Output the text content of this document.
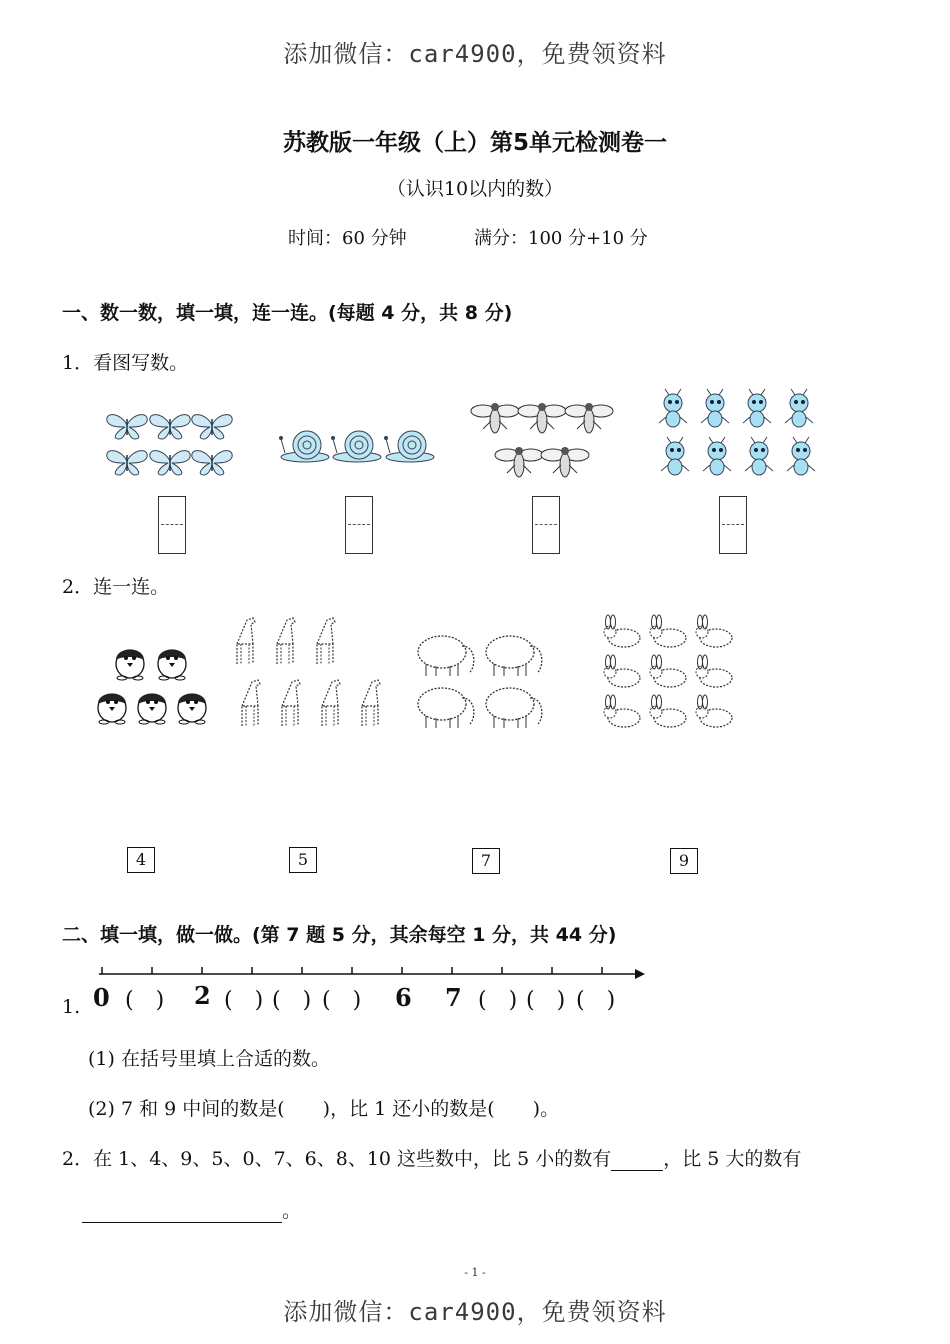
添加微信：car4900，免费领资料
苏教版一年级（上）第5单元检测卷一
（认识10以内的数）
时间：60 分钟	满分：100 分+10 分
一、数一数，填一填，连一连。(每题 4 分，共 8 分)
1．看图写数。
2．连一连。
4	5	7	9
二、填一填，做一做。(第 7 题 5 分，其余每空 1 分，共 44 分)
1. 0 (　) 2 (　) (　) (　) 6 7 (　) (　) (　)
(1) 在括号里填上合适的数。
(2) 7 和 9 中间的数是(　　)，比 1 还小的数是(　　)。
2．在 1、4、9、5、0、7、6、8、10 这些数中，比 5 小的数有	，比 5 大的数有
。
- 1 -
添加微信：car4900，免费领资料
